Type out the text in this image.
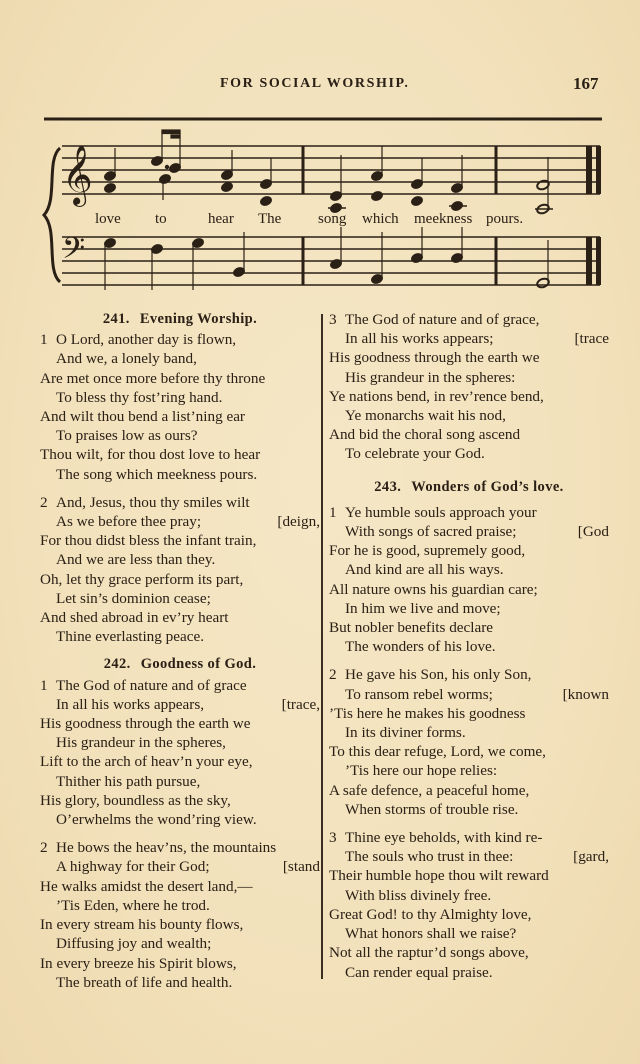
FOR SOCIAL WORSHIP.	167
𝄞
𝄢
love to	hear The song which meekness pours.
241. Evening Worship.
1 O Lord, another day is flown,
And we, a lonely band,
Are met once more before thy throne
To bless thy fost’ring hand.
And wilt thou bend a list’ning ear
To praises low as ours?
Thou wilt, for thou dost love to hear
The song which meekness pours.
2 And, Jesus, thou thy smiles wilt
As we before thee pray;	[deign,
For thou didst bless the infant train,
And we are less than they.
Oh, let thy grace perform its part,
Let sin’s dominion cease;
And shed abroad in ev’ry heart
Thine everlasting peace.
242. Goodness of God.
1 The God of nature and of grace
In all his works appears,	[trace,
His goodness through the earth we
His grandeur in the spheres,
Lift to the arch of heav’n your eye,
Thither his path pursue,
His glory, boundless as the sky,
O’erwhelms the wond’ring view.
2 He bows the heav’ns, the mountains
A highway for their God;	[stand
He walks amidst the desert land,—
’Tis Eden, where he trod.
In every stream his bounty flows,
Diffusing joy and wealth;
In every breeze his Spirit blows,
The breath of life and health.
3 The God of nature and of grace,
In all his works appears;	[trace
His goodness through the earth we
His grandeur in the spheres:
Ye nations bend, in rev’rence bend,
Ye monarchs wait his nod,
And bid the choral song ascend
To celebrate your God.
243. Wonders of God’s love.
1 Ye humble souls approach your
With songs of sacred praise;	[God
For he is good, supremely good,
And kind are all his ways.
All nature owns his guardian care;
In him we live and move;
But nobler benefits declare
The wonders of his love.
2 He gave his Son, his only Son,
To ransom rebel worms;	[known
’Tis here he makes his goodness
In its diviner forms.
To this dear refuge, Lord, we come,
’Tis here our hope relies:
A safe defence, a peaceful home,
When storms of trouble rise.
3 Thine eye beholds, with kind re-
The souls who trust in thee:	[gard,
Their humble hope thou wilt reward
With bliss divinely free.
Great God! to thy Almighty love,
What honors shall we raise?
Not all the raptur’d songs above,
Can render equal praise.
